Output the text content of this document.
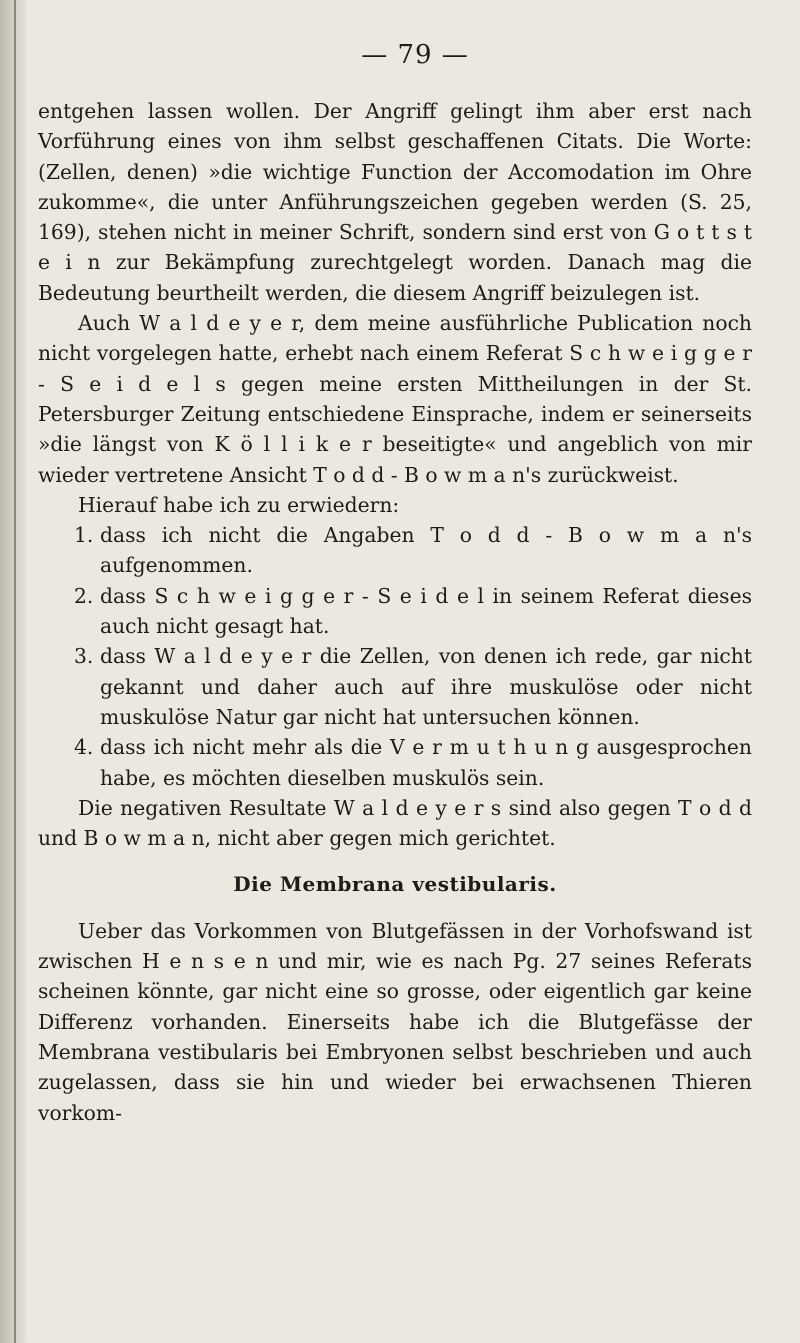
— 79 —

entgehen lassen wollen. Der Angriff gelingt ihm aber erst nach Vorführung eines von ihm selbst geschaffenen Citats. Die Worte: (Zellen, denen) »die wichtige Function der Accomodation im Ohre zukomme«, die unter Anführungszeichen gegeben werden (S. 25, 169), stehen nicht in meiner Schrift, sondern sind erst von G o t t s t e i n zur Bekämpfung zurechtgelegt worden. Danach mag die Bedeutung beurtheilt werden, die diesem Angriff beizulegen ist.

Auch W a l d e y e r, dem meine ausführliche Publication noch nicht vorgelegen hatte, erhebt nach einem Referat S c h w e i g g e r - S e i d e l s gegen meine ersten Mittheilungen in der St. Petersburger Zeitung entschiedene Einsprache, indem er seinerseits »die längst von K ö l l i k e r beseitigte« und angeblich von mir wieder vertretene Ansicht T o d d - B o w m a n's zurückweist.

Hierauf habe ich zu erwiedern:

1. dass ich nicht die Angaben T o d d - B o w m a n's aufgenommen.
2. dass S c h w e i g g e r - S e i d e l in seinem Referat dieses auch nicht gesagt hat.
3. dass W a l d e y e r die Zellen, von denen ich rede, gar nicht gekannt und daher auch auf ihre muskulöse oder nicht muskulöse Natur gar nicht hat untersuchen können.
4. dass ich nicht mehr als die V e r m u t h u n g ausgesprochen habe, es möchten dieselben muskulös sein.

Die negativen Resultate W a l d e y e r s sind also gegen T o d d und B o w m a n, nicht aber gegen mich gerichtet.

Die Membrana vestibularis.

Ueber das Vorkommen von Blutgefässen in der Vorhofswand ist zwischen H e n s e n und mir, wie es nach Pg. 27 seines Referats scheinen könnte, gar nicht eine so grosse, oder eigentlich gar keine Differenz vorhanden. Einerseits habe ich die Blutgefässe der Membrana vestibularis bei Embryonen selbst beschrieben und auch zugelassen, dass sie hin und wieder bei erwachsenen Thieren vorkom-
